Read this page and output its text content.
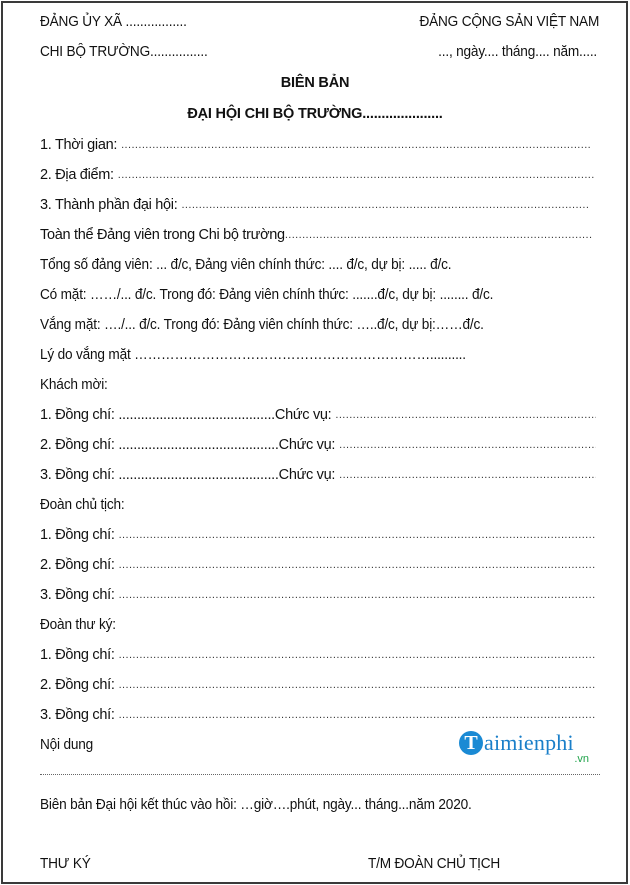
ĐẢNG ỦY XÃ .................	ĐẢNG CỘNG SẢN VIỆT NAM
CHI BỘ TRƯỜNG................	..., ngày.... tháng.... năm.....
BIÊN BẢN
ĐẠI HỘI CHI BỘ TRƯỜNG.....................
1. Thời gian:
.....
2. Địa điểm:
.....
3. Thành phần đại hội:
.....
Toàn thể Đảng viên trong Chi bộ trường
.....
Tổng số đảng viên: ... đ/c, Đảng viên chính thức: .... đ/c, dự bị: ..... đ/c.
Có mặt: ……/... đ/c. Trong đó: Đảng viên chính thức: .......đ/c, dự bị: ........ đ/c.
Vắng mặt: …./... đ/c. Trong đó: Đảng viên chính thức: …..đ/c, dự bị:……đ/c.
Lý do vắng mặt …………………………………………………………..........
Khách mời:
1. Đồng chí: .......................................... Chức vụ:
.....
2. Đồng chí: ........................................... Chức vụ:
.....
3. Đồng chí: ........................................... Chức vụ:
.....
Đoàn chủ tịch:
1. Đồng chí:
.....
2. Đồng chí:
.....
3. Đồng chí:
.....
Đoàn thư ký:
1. Đồng chí:
.....
2. Đồng chí:
.....
3. Đồng chí:
.....
Nội dung	T aimienphi
.vn
Biên bản Đại hội kết thúc vào hồi: …giờ….phút, ngày... tháng...năm 2020.
THƯ KÝ	T/M ĐOÀN CHỦ TỊCH
